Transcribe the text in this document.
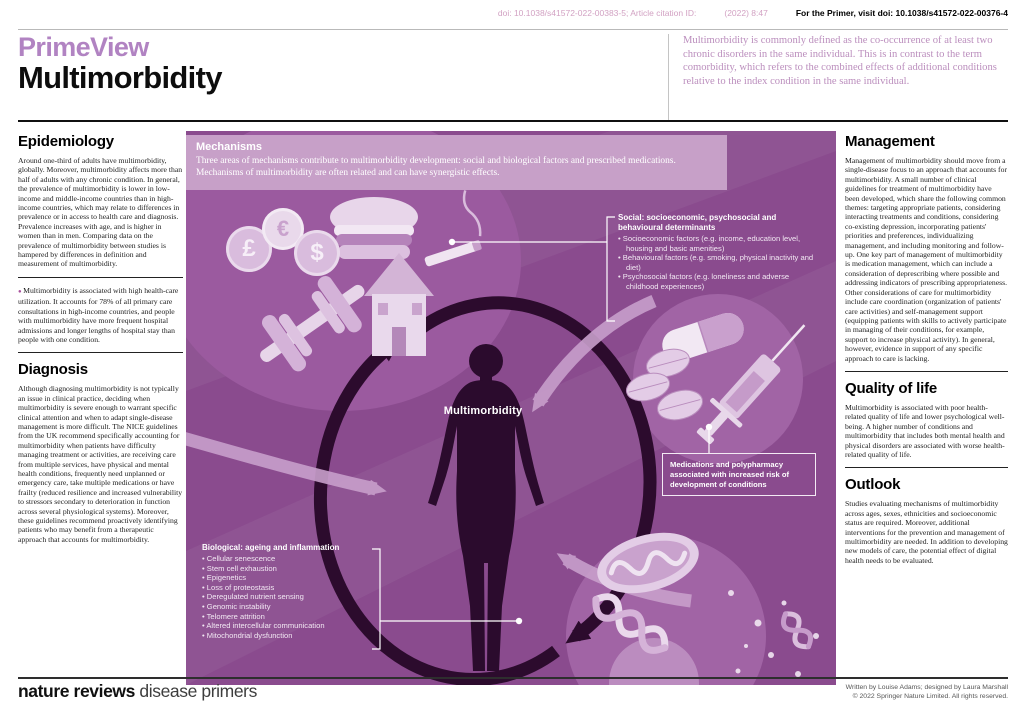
doi: 10.1038/s41572-022-00383-5; Article citation ID:	(2022) 8:47	For the Primer, visit doi: 10.1038/s41572-022-00376-4
PrimeView
Multimorbidity
Multimorbidity is commonly defined as the co-occurrence of at least two chronic disorders in the same individual. This is in contrast to the term comorbidity, which refers to the combined effects of additional conditions relative to the index condition in the same individual.
Epidemiology

Around one-third of adults have multimorbidity, globally. Moreover, multimorbidity affects more than half of adults with any chronic condition. In general, the prevalence of multimorbidity is lower in low-income and middle-income countries than in high-income countries, which may relate to differences in prevalence or in access to health care and diagnosis. Prevalence increases with age, and is higher in women than in men. Comparing data on the prevalence of multimorbidity between studies is hampered by differences in definition and measurement of multimorbidity.

● Multimorbidity is associated with high health-care utilization. It accounts for 78% of all primary care consultations in high-income countries, and people with multimorbidity have more frequent hospital admissions and longer lengths of hospital stay than people with one condition.

Diagnosis

Although diagnosing multimorbidity is not typically an issue in clinical practice, deciding when multimorbidity is severe enough to warrant specific clinical attention and when to adapt single-disease management is more difficult. The NICE guidelines from the UK recommend specifically accounting for multimorbidity when patients have difficulty managing treatment or activities, are receiving care from multiple services, have physical and mental health conditions, frequently need unplanned or emergency care, take multiple medications or have frailty (reduced resilience and increased vulnerability to stressors secondary to deterioration in function across several physiological systems). Moreover, these guidelines recommend proactively identifying patients who may benefit from a therapeutic approach that accounts for multimorbidity.

Mechanisms
Three areas of mechanisms contribute to multimorbidity development: social and biological factors and prescribed medications. Mechanisms of multimorbidity are often related and can have synergistic effects.
£
€
$
Multimorbidity
Social: socioeconomic, psychosocial and behavioural determinants
• Socioeconomic factors (e.g. income, education level, housing and basic amenities)
• Behavioural factors (e.g. smoking, physical inactivity and diet)
• Psychosocial factors (e.g. loneliness and adverse childhood experiences)
Medications and polypharmacy associated with increased risk of development of conditions
Biological: ageing and inflammation
• Cellular senescence
• Stem cell exhaustion
• Epigenetics
• Loss of proteostasis
• Deregulated nutrient sensing
• Genomic instability
• Telomere attrition
• Altered intercellular communication
• Mitochondrial dysfunction
Management

Management of multimorbidity should move from a single-disease focus to an approach that accounts for multimorbidity. A small number of clinical guidelines for treatment of multimorbidity have been developed, which share the following common themes: targeting appropriate patients, considering interacting treatments and conditions, considering co-existing depression, incorporating patients' priorities and preferences, individualizing management, and including monitoring and follow-up. One key part of management of multimorbidity is medication management, which can include a consideration of deprescribing where possible and addressing indicators of prescribing appropriateness. Other considerations of care for multimorbidity include care coordination (organization of patients' care activities) and self-management support (equipping patients with skills to actively participate in managing of their conditions, for example, support to increase physical activity). In general, however, evidence in support of any specific approach to care is lacking.

Quality of life

Multimorbidity is associated with poor health-related quality of life and lower psychological well-being. A higher number of conditions and multimorbidity that includes both mental health and physical disorders are associated with worse health-related quality of life.

Outlook

Studies evaluating mechanisms of multimorbidity across ages, sexes, ethnicities and socioeconomic status are required. Moreover, additional interventions for the prevention and management of multimorbidity are needed. In addition to developing new models of care, the potential effect of digital health needs to be evaluated.

nature reviews disease primers	Written by Louise Adams; designed by Laura Marshall
© 2022 Springer Nature Limited. All rights reserved.
